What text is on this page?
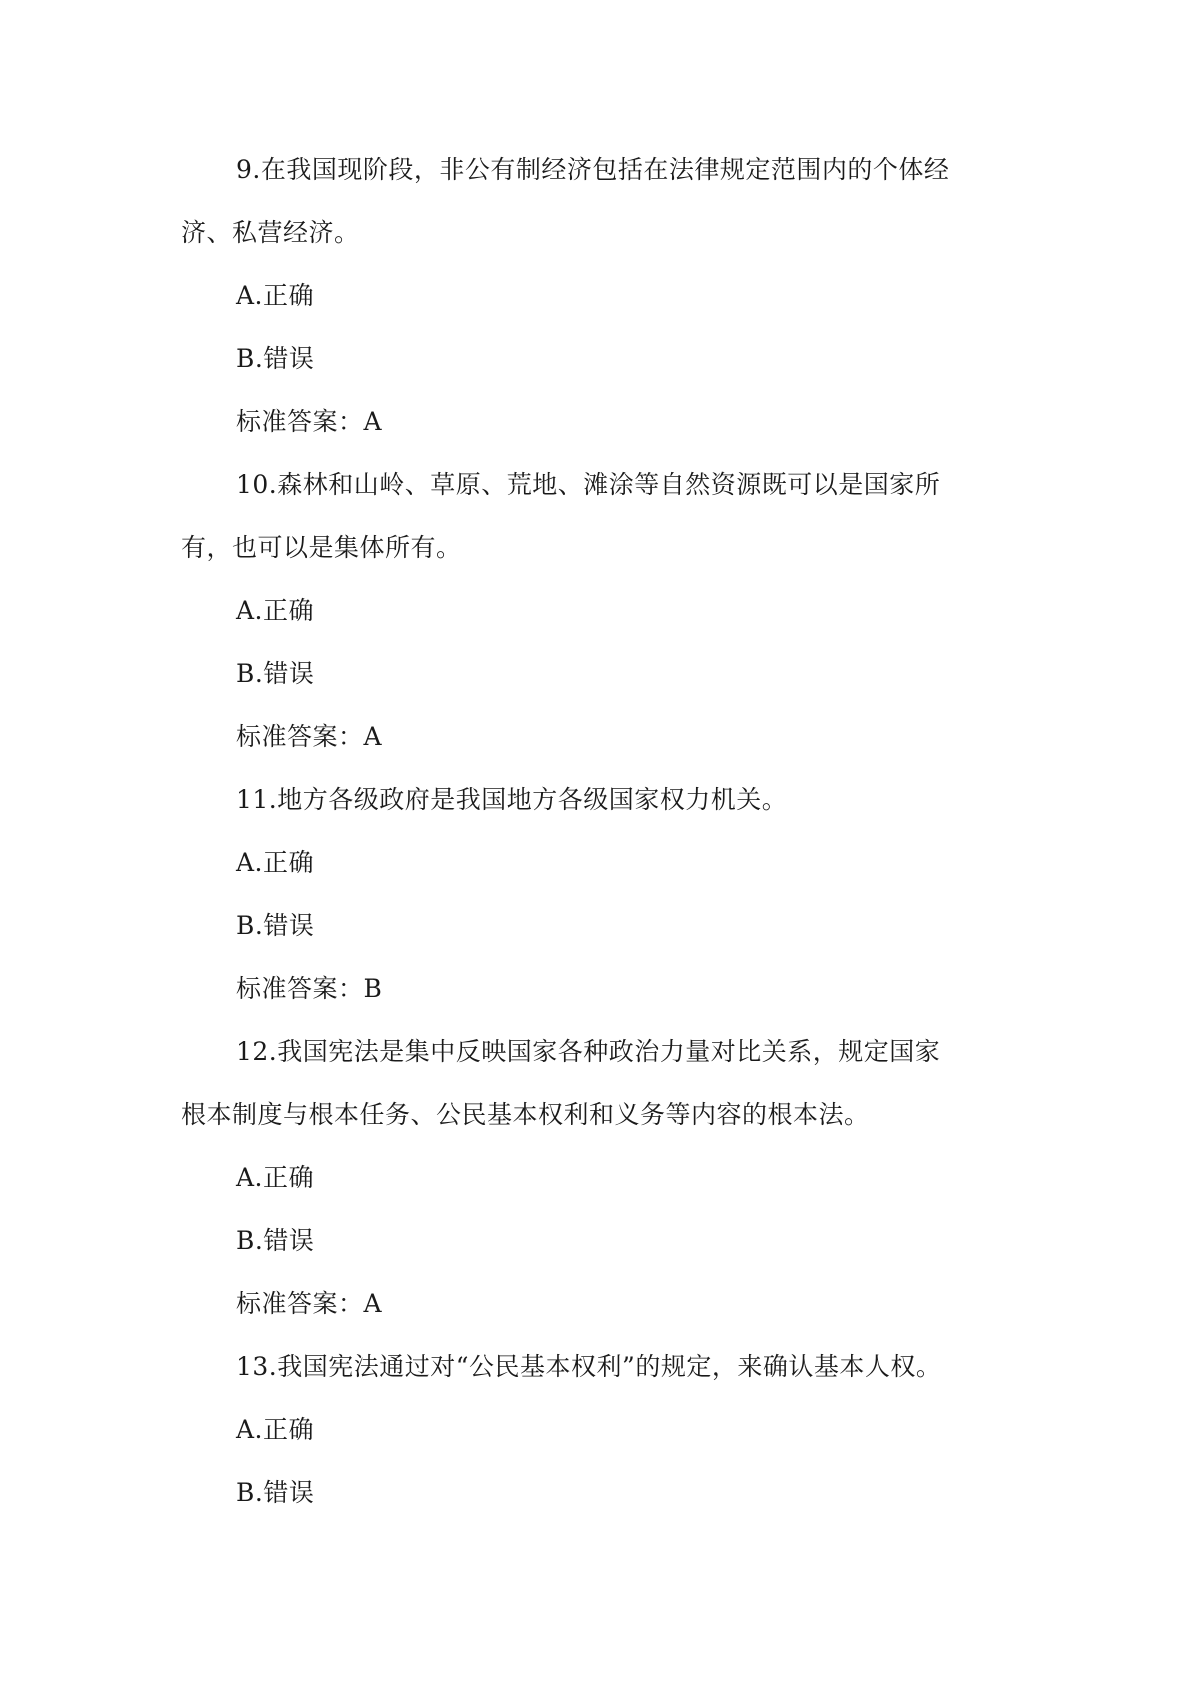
9.在我国现阶段，非公有制经济包括在法律规定范围内的个体经
济、私营经济。
A.正确
B.错误
标准答案：A
10.森林和山岭、草原、荒地、滩涂等自然资源既可以是国家所
有，也可以是集体所有。
A.正确
B.错误
标准答案：A
11.地方各级政府是我国地方各级国家权力机关。
A.正确
B.错误
标准答案：B
12.我国宪法是集中反映国家各种政治力量对比关系，规定国家
根本制度与根本任务、公民基本权利和义务等内容的根本法。
A.正确
B.错误
标准答案：A
13.我国宪法通过对“公民基本权利”的规定，来确认基本人权。
A.正确
B.错误
